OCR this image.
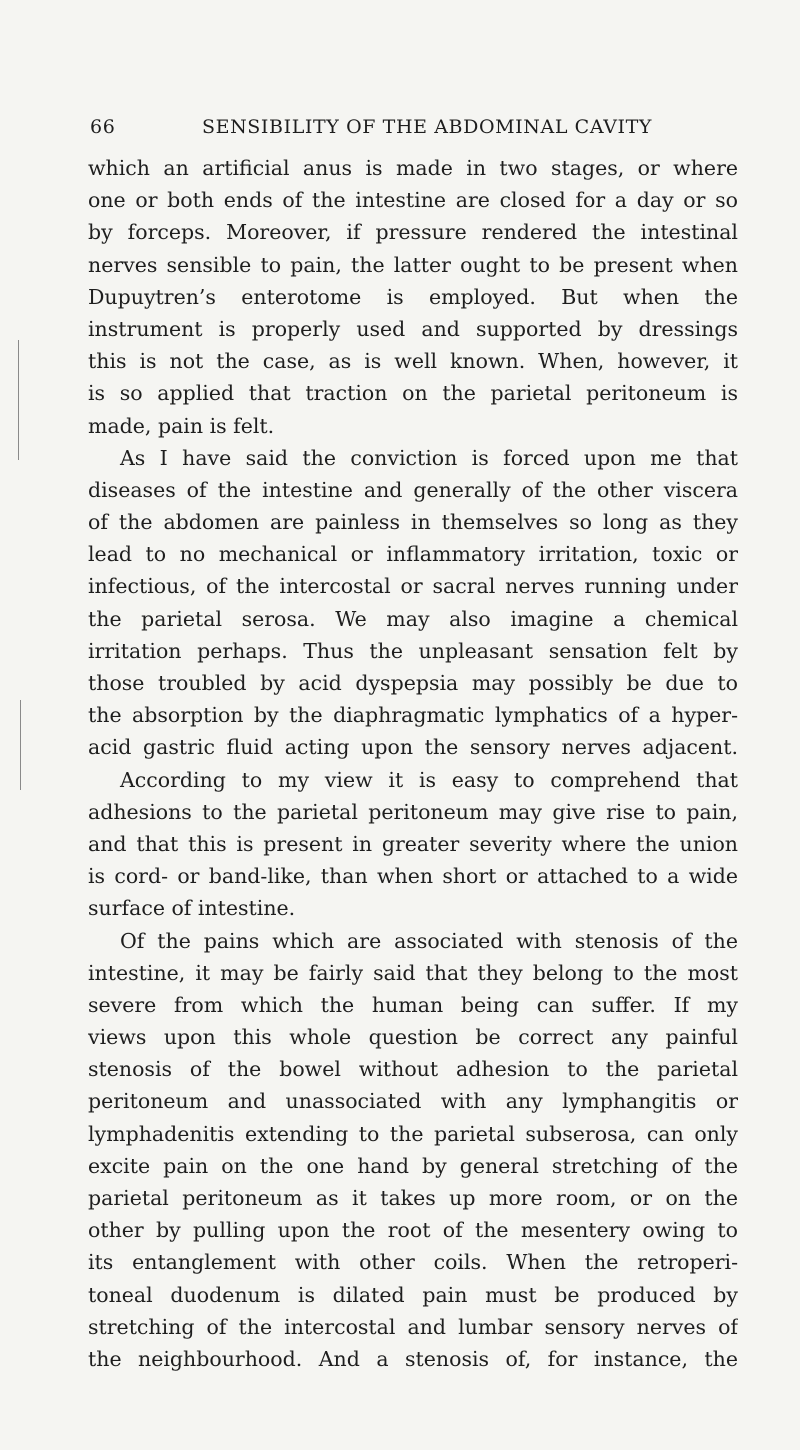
66	SENSIBILITY OF THE ABDOMINAL CAVITY
which an artificial anus is made in two stages, or where
one or both ends of the intestine are closed for a day or so
by forceps. Moreover, if pressure rendered the intestinal
nerves sensible to pain, the latter ought to be present when
Dupuytren’s enterotome is employed. But when the
instrument is properly used and supported by dressings
this is not the case, as is well known. When, however, it
is so applied that traction on the parietal peritoneum is
made, pain is felt.
As I have said the conviction is forced upon me that
diseases of the intestine and generally of the other viscera
of the abdomen are painless in themselves so long as they
lead to no mechanical or inflammatory irritation, toxic or
infectious, of the intercostal or sacral nerves running under
the parietal serosa. We may also imagine a chemical
irritation perhaps. Thus the unpleasant sensation felt by
those troubled by acid dyspepsia may possibly be due to
the absorption by the diaphragmatic lymphatics of a hyper-
acid gastric fluid acting upon the sensory nerves adjacent.
According to my view it is easy to comprehend that
adhesions to the parietal peritoneum may give rise to pain,
and that this is present in greater severity where the union
is cord- or band-like, than when short or attached to a wide
surface of intestine.
Of the pains which are associated with stenosis of the
intestine, it may be fairly said that they belong to the most
severe from which the human being can suffer. If my
views upon this whole question be correct any painful
stenosis of the bowel without adhesion to the parietal
peritoneum and unassociated with any lymphangitis or
lymphadenitis extending to the parietal subserosa, can only
excite pain on the one hand by general stretching of the
parietal peritoneum as it takes up more room, or on the
other by pulling upon the root of the mesentery owing to
its entanglement with other coils. When the retroperi-
toneal duodenum is dilated pain must be produced by
stretching of the intercostal and lumbar sensory nerves of
the neighbourhood. And a stenosis of, for instance, the
